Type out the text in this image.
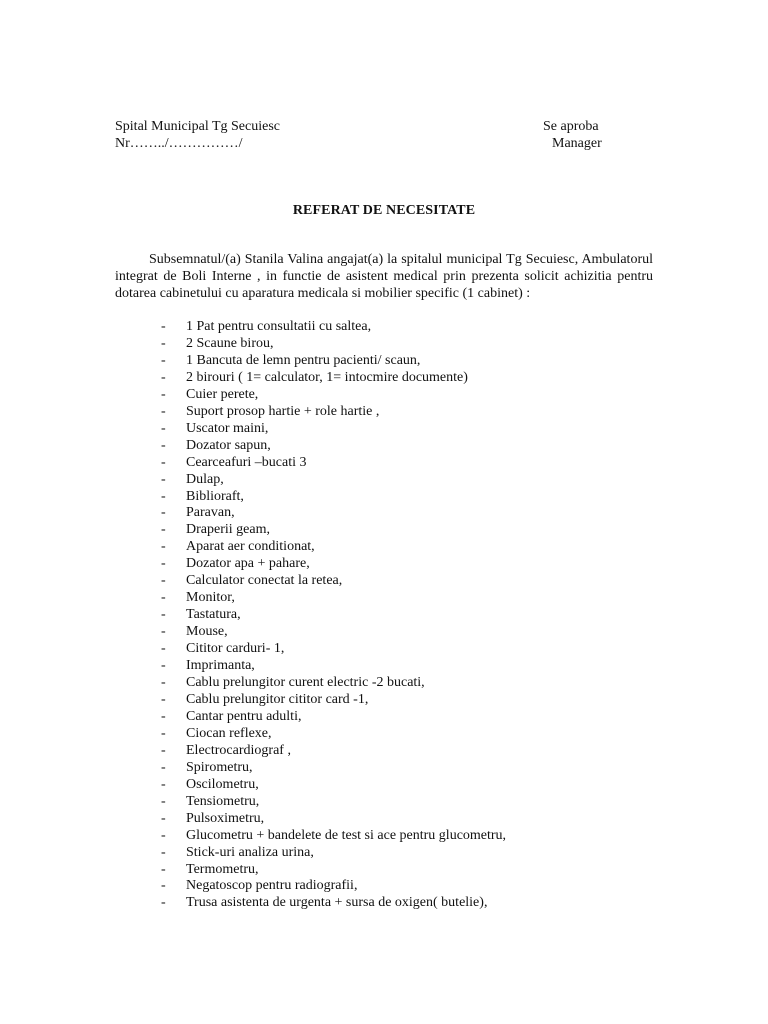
Spital Municipal Tg Secuiesc
Nr……../……………/
Se aproba
Manager
REFERAT DE NECESITATE

Subsemnatul/(a) Stanila Valina angajat(a) la spitalul municipal Tg Secuiesc, Ambulatorul integrat de Boli Interne , in functie de asistent medical prin prezenta solicit achizitia pentru dotarea cabinetului cu aparatura medicala si mobilier specific (1 cabinet) :

- 1 Pat pentru consultatii cu saltea,
- 2 Scaune birou,
- 1 Bancuta de lemn pentru pacienti/ scaun,
- 2 birouri ( 1= calculator, 1= intocmire documente)
- Cuier perete,
- Suport prosop hartie + role hartie ,
- Uscator maini,
- Dozator sapun,
- Cearceafuri –bucati 3
- Dulap,
- Biblioraft,
- Paravan,
- Draperii geam,
- Aparat aer conditionat,
- Dozator apa + pahare,
- Calculator conectat la retea,
- Monitor,
- Tastatura,
- Mouse,
- Cititor carduri- 1,
- Imprimanta,
- Cablu prelungitor curent electric -2 bucati,
- Cablu prelungitor cititor card -1,
- Cantar pentru adulti,
- Ciocan reflexe,
- Electrocardiograf ,
- Spirometru,
- Oscilometru,
- Tensiometru,
- Pulsoximetru,
- Glucometru + bandelete de test si ace pentru glucometru,
- Stick-uri analiza urina,
- Termometru,
- Negatoscop pentru radiografii,
- Trusa asistenta de urgenta + sursa de oxigen( butelie),
